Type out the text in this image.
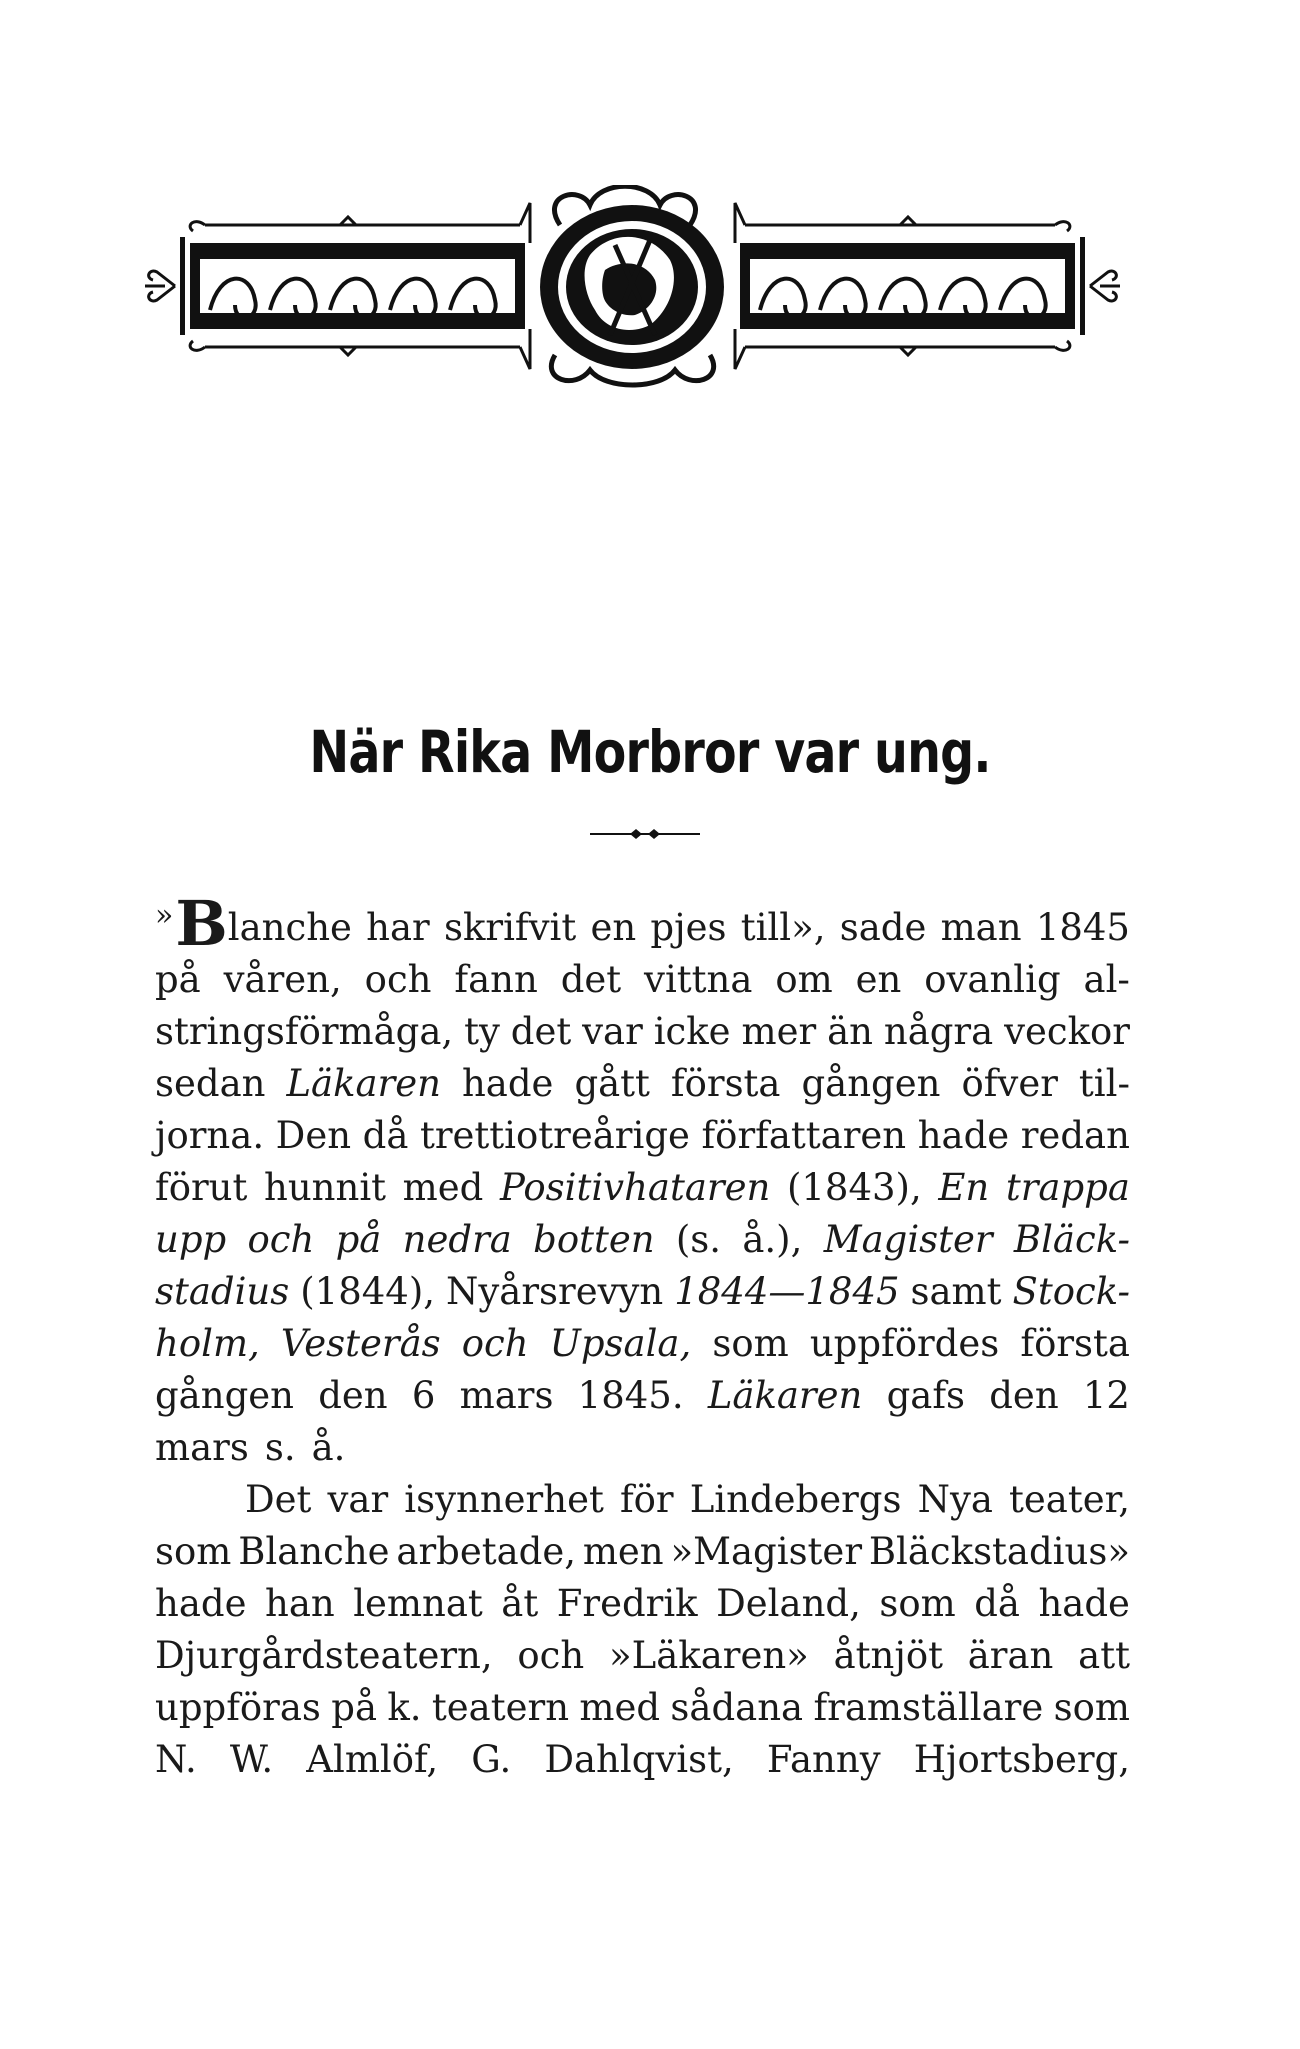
När Rika Morbror var ung.
» B lanche har skrifvit en pjes till», sade man 1845
på våren, och fann det vittna om en ovanlig al-
stringsförmåga, ty det var icke mer än några veckor
sedan Läkaren hade gått första gången öfver til-
jorna. Den då trettiotreårige författaren hade redan
förut hunnit med Positivhataren (1843), En trappa
upp och på nedra botten (s. å.), Magister Bläck-
stadius (1844), Nyårsrevyn 1844—1845 samt Stock-
holm, Vesterås och Upsala, som uppfördes första
gången den 6 mars 1845. Läkaren gafs den 12
mars s. å.
Det var isynnerhet för Lindebergs Nya teater,
som Blanche arbetade, men »Magister Bläckstadius»
hade han lemnat åt Fredrik Deland, som då hade
Djurgårdsteatern, och »Läkaren» åtnjöt äran att
uppföras på k. teatern med sådana framställare som
N. W. Almlöf, G. Dahlqvist, Fanny Hjortsberg,
